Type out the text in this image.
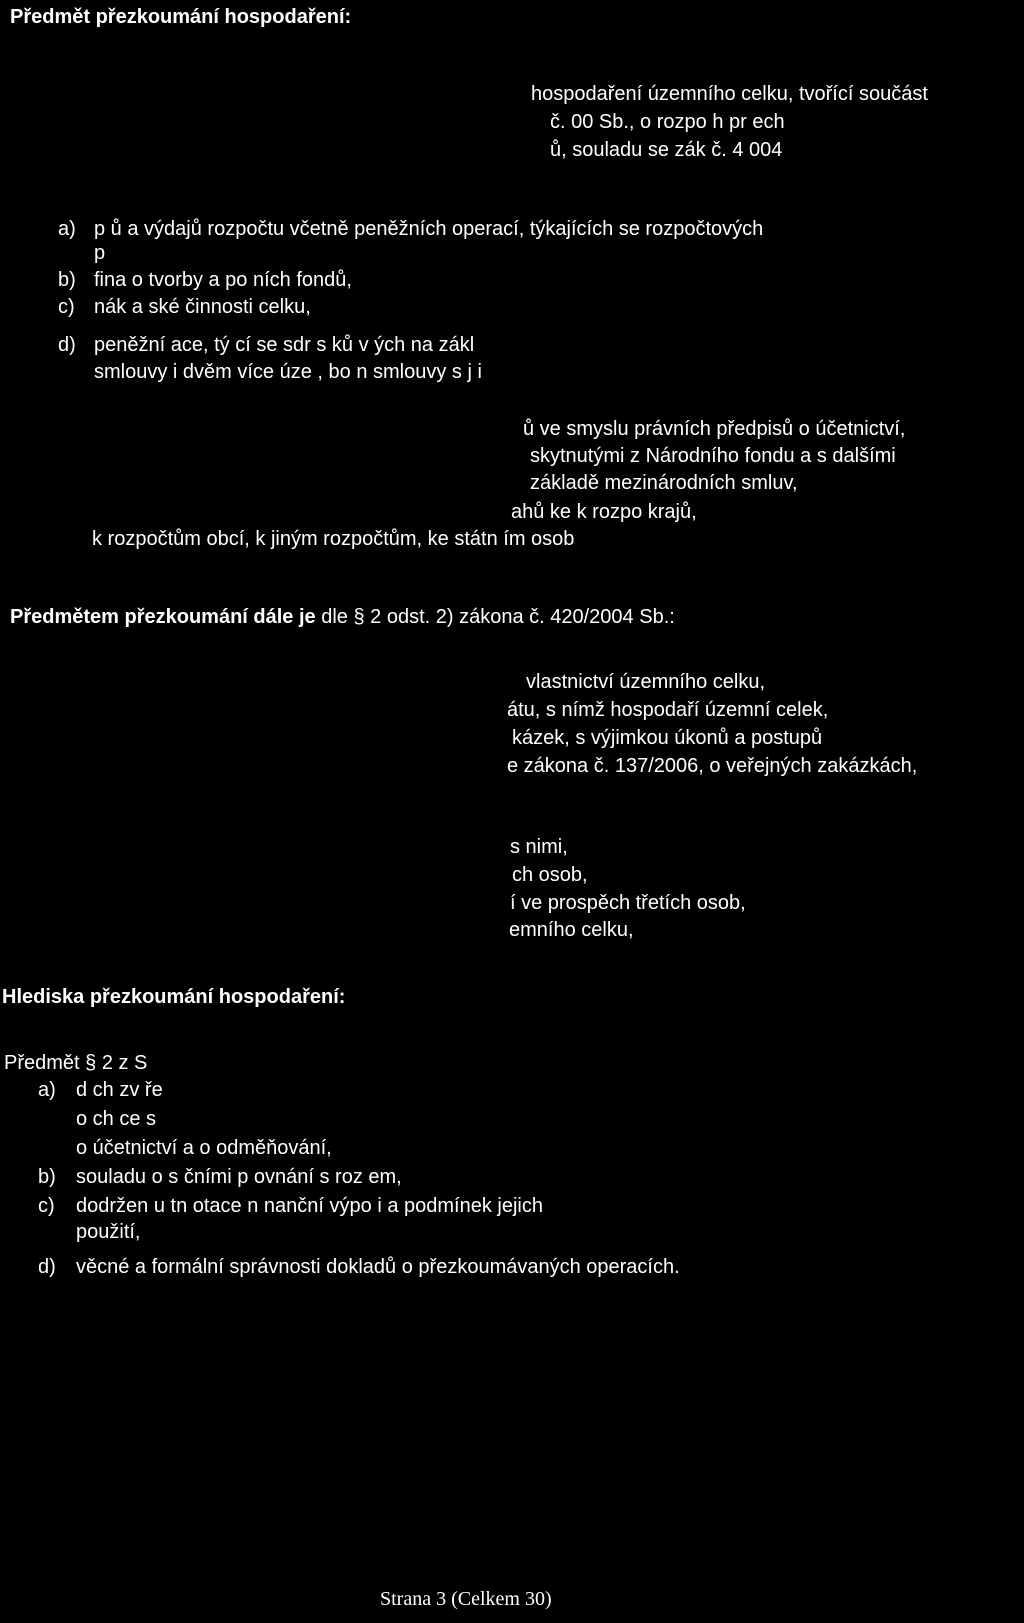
Předmět přezkoumání hospodaření:
hospodaření územního celku, tvořící součást
č. 00 Sb., o rozpo h pr ech
ů, souladu se zák č. 4 004
a) p ů a výdajů rozpočtu včetně peněžních operací, týkajících se rozpočtových
p
b) fina o tvorby a po ních fondů,
c) nák a ské činnosti celku,
d) peněžní ace, tý cí se sdr s ků v ých na zákl
smlouvy i dvěm více úze , bo n smlouvy s j i
ů ve smyslu právních předpisů o účetnictví,
skytnutými z Národního fondu a s dalšími
základě mezinárodních smluv,
ahů ke k rozpo krajů,
k rozpočtům obcí, k jiným rozpočtům, ke státn ím osob
Předmětem přezkoumání dále je dle § 2 odst. 2) zákona č. 420/2004 Sb.:
vlastnictví územního celku,
átu, s nímž hospodaří územní celek,
kázek, s výjimkou úkonů a postupů
e zákona č. 137/2006, o veřejných zakázkách,
s nimi,
ch osob,
í ve prospěch třetích osob,
emního celku,
Hlediska přezkoumání hospodaření:
Předmět § 2 z S
a) d ch zv ře
o ch ce s
o účetnictví a o odměňování,
b) souladu o s čními p ovnání s roz em,
c) dodržen u tn otace n nanční výpo i a podmínek jejich
použití,
d) věcné a formální správnosti dokladů o přezkoumávaných operacích.
Strana 3 (Celkem 30)
